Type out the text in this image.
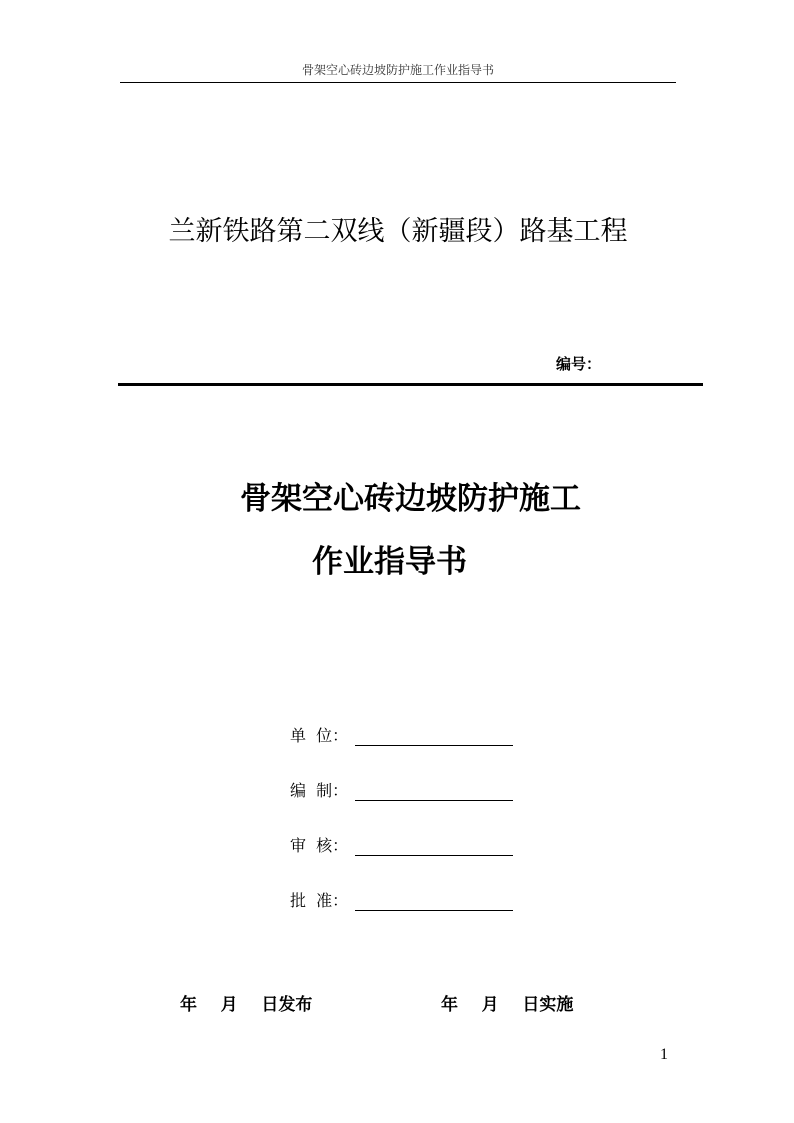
骨架空心砖边坡防护施工作业指导书
兰新铁路第二双线（新疆段）路基工程
编号：
骨架空心砖边坡防护施工
作业指导书
单  位：
编  制：
审  核：
批  准：
年    月    日发布	年    月    日实施
1
